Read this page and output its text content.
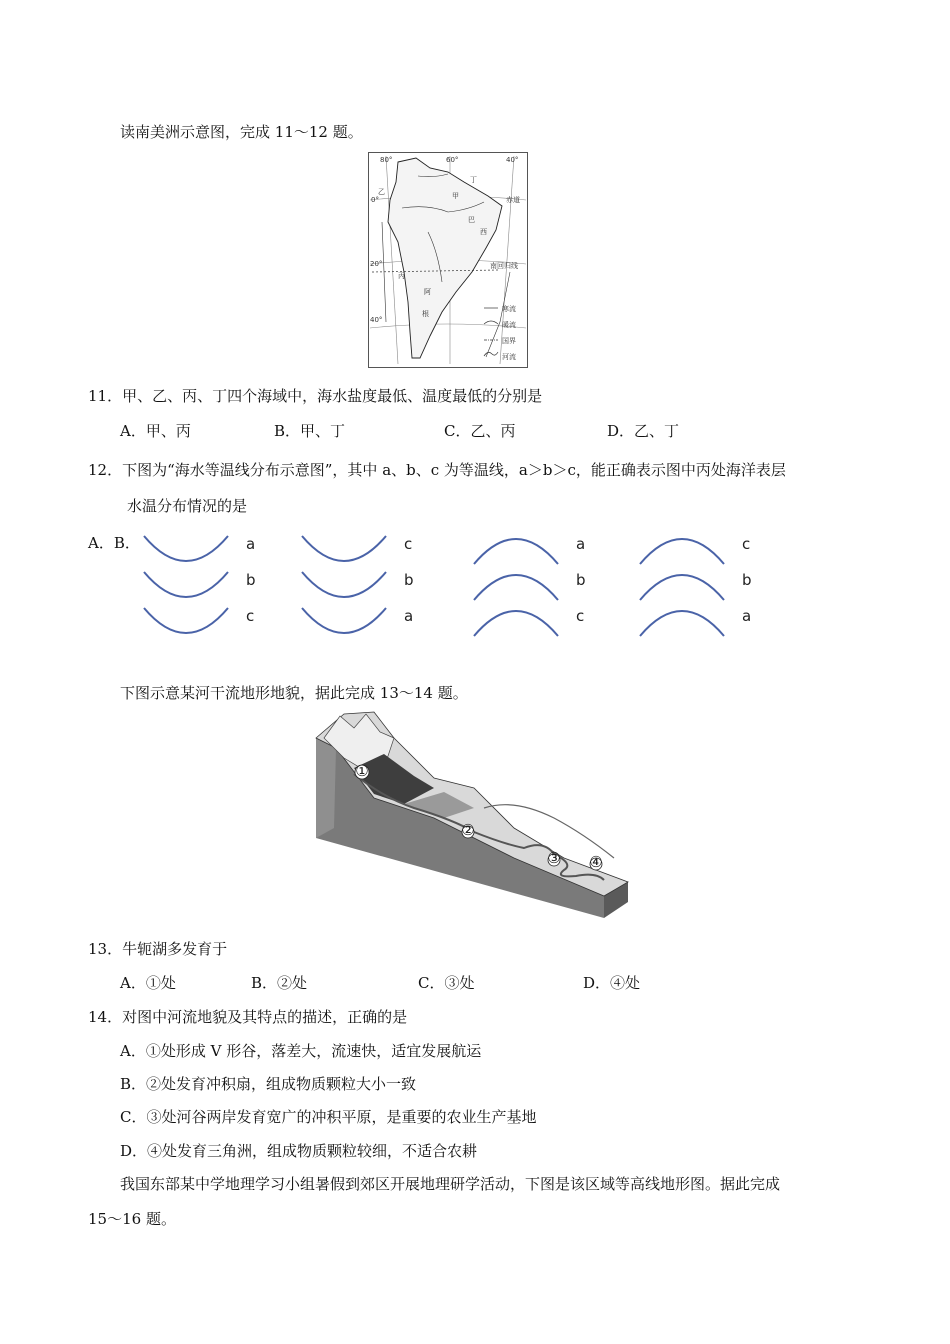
读南美洲示意图，完成 11～12 题。
80°	60°	40°
0°
20°
40°
乙	甲
丁
巴
西
丙
阿
根
赤道
南回归线
寒流
暖流
国界
河流
11．甲、乙、丙、丁四个海域中，海水盐度最低、温度最低的分别是
A．甲、丙	B．甲、丁	C．乙、丙	D．乙、丁
12．下图为“海水等温线分布示意图”，其中 a、b、c 为等温线，a＞b＞c，能正确表示图中丙处海洋表层
水温分布情况的是
A．B．	a
b
c
c
b
a
a
b
c
c
b
a
下图示意某河干流地形地貌，据此完成 13～14 题。
①
②
③ ④
13．牛轭湖多发育于
A．①处	B．②处	C．③处	D．④处
14．对图中河流地貌及其特点的描述，正确的是
A．①处形成 V 形谷，落差大，流速快，适宜发展航运
B．②处发育冲积扇，组成物质颗粒大小一致
C．③处河谷两岸发育宽广的冲积平原，是重要的农业生产基地
D．④处发育三角洲，组成物质颗粒较细，不适合农耕
我国东部某中学地理学习小组暑假到郊区开展地理研学活动，下图是该区域等高线地形图。据此完成
15～16 题。
